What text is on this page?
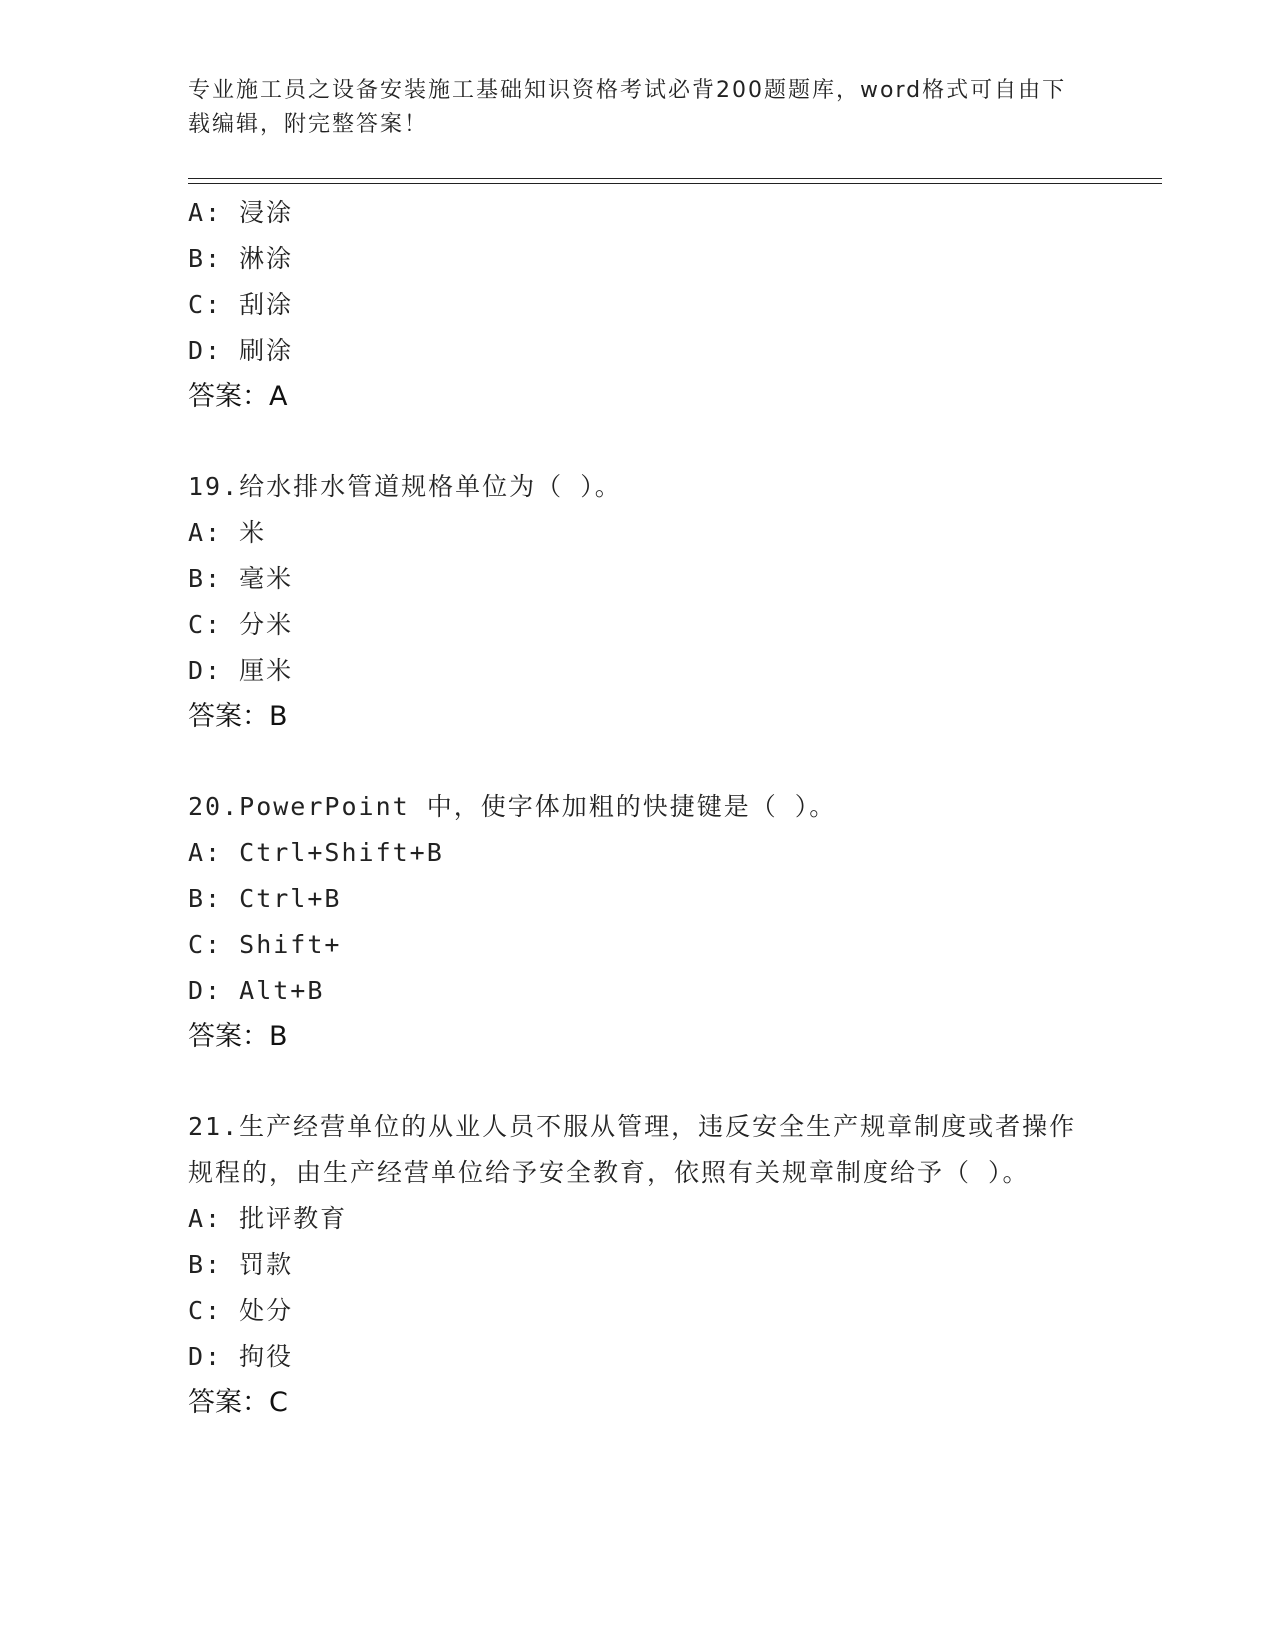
专业施工员之设备安装施工基础知识资格考试必背200题题库，word格式可自由下载编辑，附完整答案！
A: 浸涂
B: 淋涂
C: 刮涂
D: 刷涂
答案：A
19.给水排水管道规格单位为（ ）。
A: 米
B: 毫米
C: 分米
D: 厘米
答案：B
20.PowerPoint 中，使字体加粗的快捷键是（ ）。
A: Ctrl+Shift+B
B: Ctrl+B
C: Shift+
D: Alt+B
答案：B
21.生产经营单位的从业人员不服从管理，违反安全生产规章制度或者操作规程的，由生产经营单位给予安全教育，依照有关规章制度给予（ ）。
A: 批评教育
B: 罚款
C: 处分
D: 拘役
答案：C
